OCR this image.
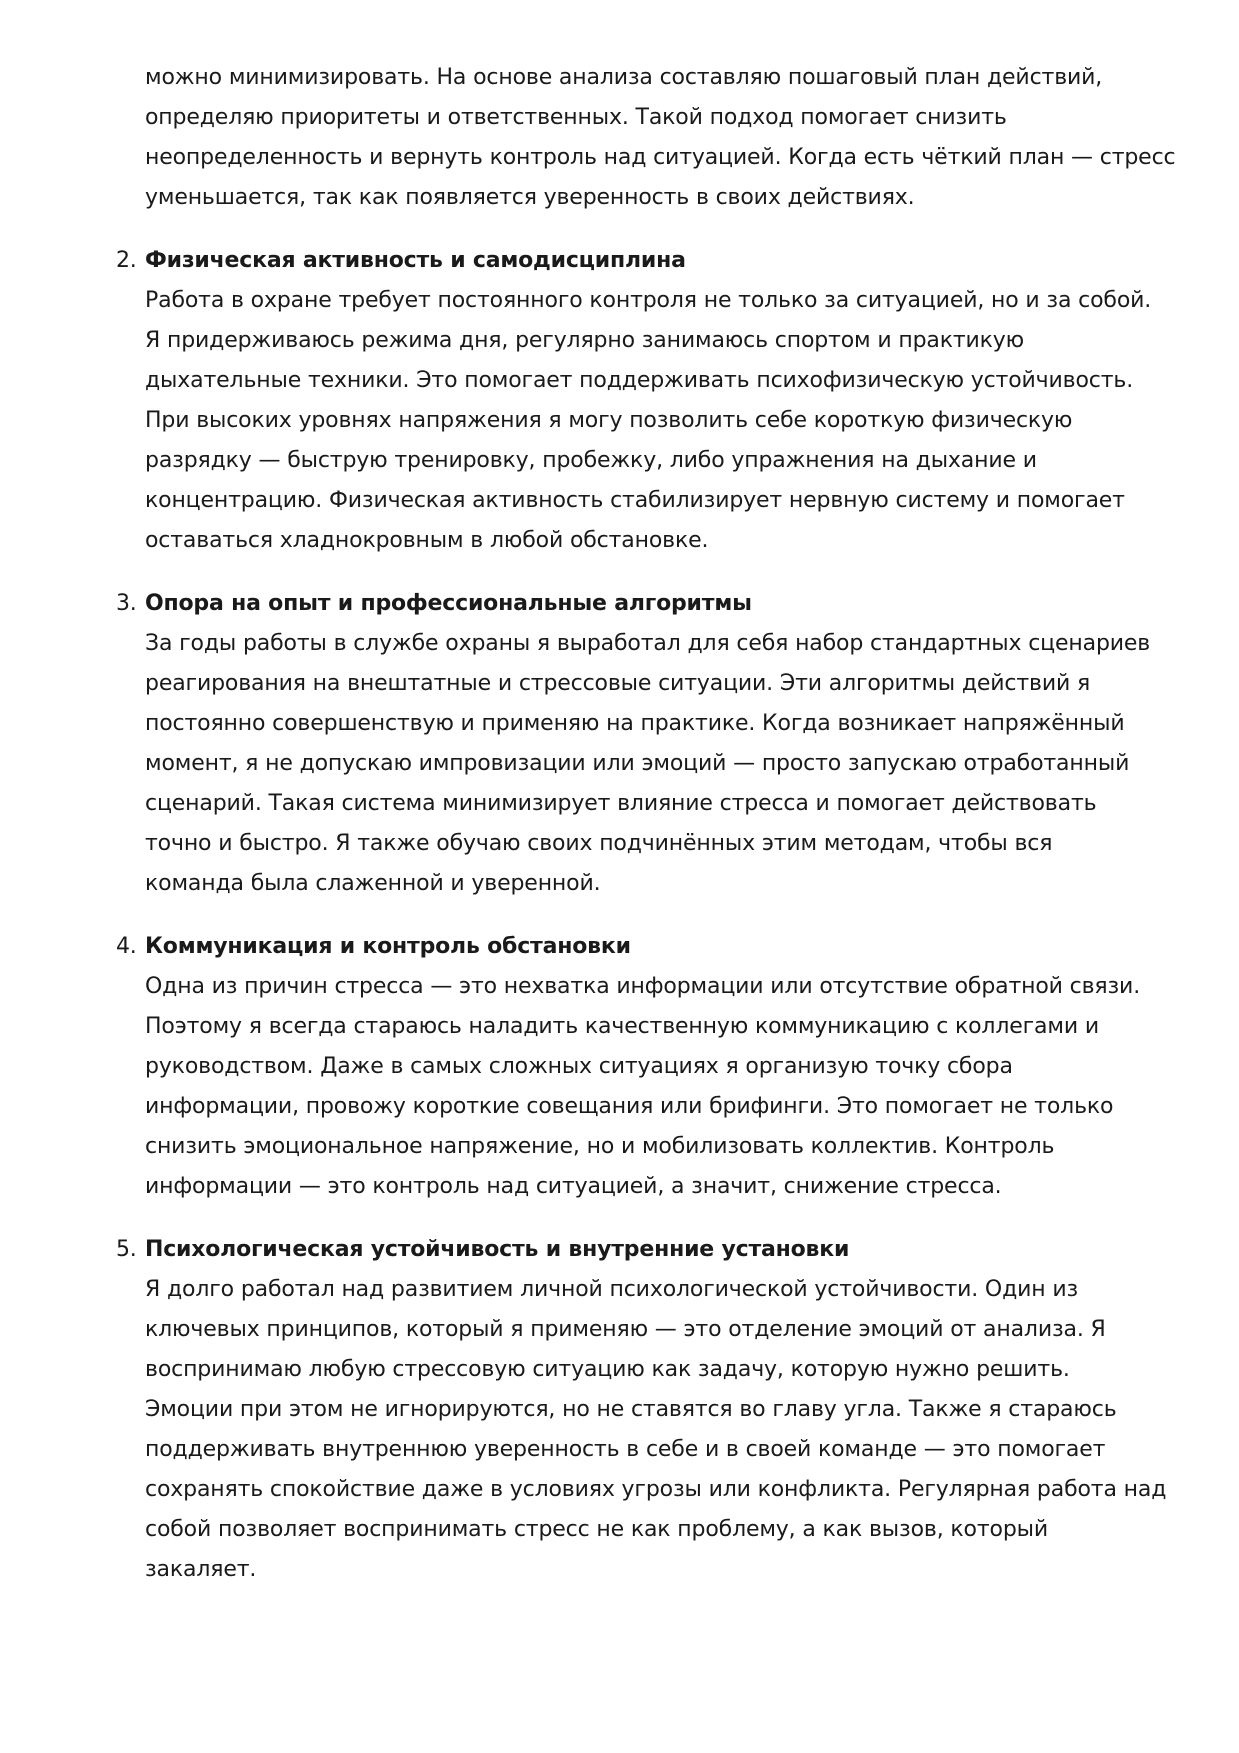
можно минимизировать. На основе анализа составляю пошаговый план действий,
определяю приоритеты и ответственных. Такой подход помогает снизить
неопределенность и вернуть контроль над ситуацией. Когда есть чёткий план — стресс
уменьшается, так как появляется уверенность в своих действиях.
2. Физическая активность и самодисциплина
Работа в охране требует постоянного контроля не только за ситуацией, но и за собой.
Я придерживаюсь режима дня, регулярно занимаюсь спортом и практикую
дыхательные техники. Это помогает поддерживать психофизическую устойчивость.
При высоких уровнях напряжения я могу позволить себе короткую физическую
разрядку — быструю тренировку, пробежку, либо упражнения на дыхание и
концентрацию. Физическая активность стабилизирует нервную систему и помогает
оставаться хладнокровным в любой обстановке.
3. Опора на опыт и профессиональные алгоритмы
За годы работы в службе охраны я выработал для себя набор стандартных сценариев
реагирования на внештатные и стрессовые ситуации. Эти алгоритмы действий я
постоянно совершенствую и применяю на практике. Когда возникает напряжённый
момент, я не допускаю импровизации или эмоций — просто запускаю отработанный
сценарий. Такая система минимизирует влияние стресса и помогает действовать
точно и быстро. Я также обучаю своих подчинённых этим методам, чтобы вся
команда была слаженной и уверенной.
4. Коммуникация и контроль обстановки
Одна из причин стресса — это нехватка информации или отсутствие обратной связи.
Поэтому я всегда стараюсь наладить качественную коммуникацию с коллегами и
руководством. Даже в самых сложных ситуациях я организую точку сбора
информации, провожу короткие совещания или брифинги. Это помогает не только
снизить эмоциональное напряжение, но и мобилизовать коллектив. Контроль
информации — это контроль над ситуацией, а значит, снижение стресса.
5. Психологическая устойчивость и внутренние установки
Я долго работал над развитием личной психологической устойчивости. Один из
ключевых принципов, который я применяю — это отделение эмоций от анализа. Я
воспринимаю любую стрессовую ситуацию как задачу, которую нужно решить.
Эмоции при этом не игнорируются, но не ставятся во главу угла. Также я стараюсь
поддерживать внутреннюю уверенность в себе и в своей команде — это помогает
сохранять спокойствие даже в условиях угрозы или конфликта. Регулярная работа над
собой позволяет воспринимать стресс не как проблему, а как вызов, который
закаляет.
